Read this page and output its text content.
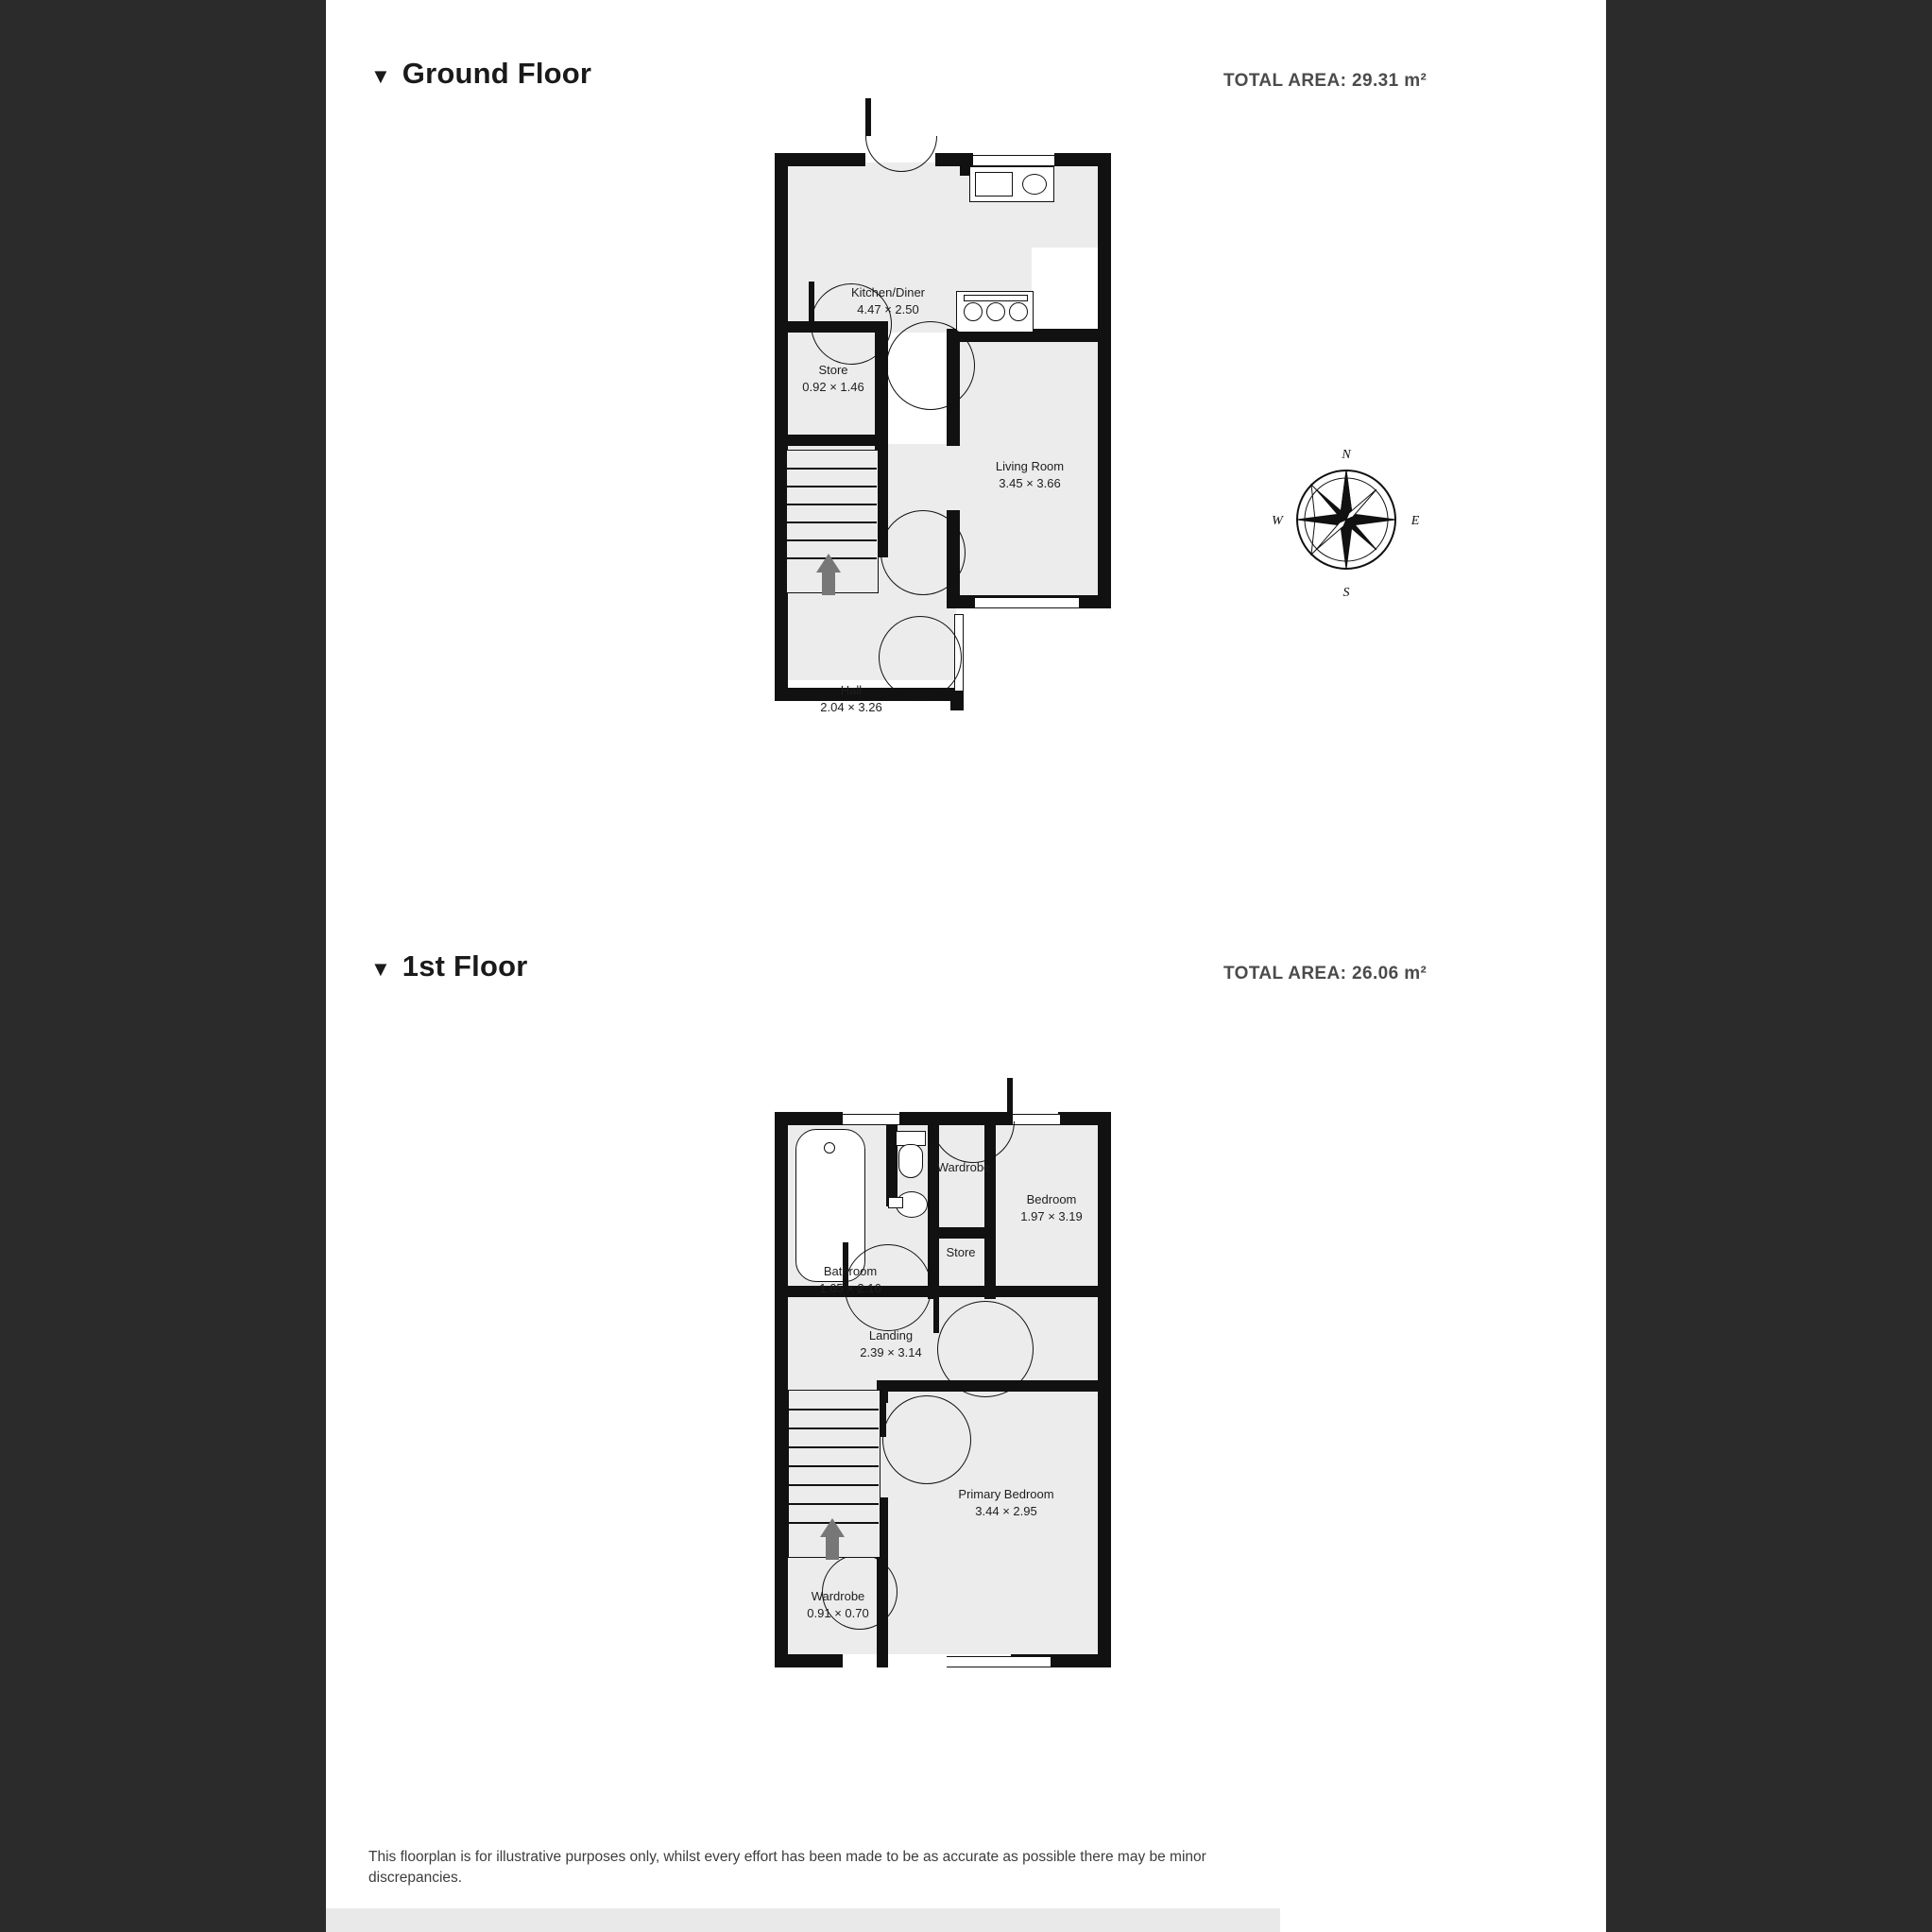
▼ Ground Floor	TOTAL AREA: 29.31 m²
Kitchen/Diner
4.47 × 2.50
Store
0.92 × 1.46
Living Room
3.45 × 3.66
Hall
2.04 × 3.26
N
E
S
W
▼ 1st Floor	TOTAL AREA: 26.06 m²
Bathroom
1.65 × 2.16
Wardrobe
Store
Bedroom
1.97 × 3.19
Landing
2.39 × 3.14
Primary Bedroom
3.44 × 2.95
Wardrobe
0.91 × 0.70
This floorplan is for illustrative purposes only, whilst every effort has been made to be as accurate as possible there may be minor discrepancies.
